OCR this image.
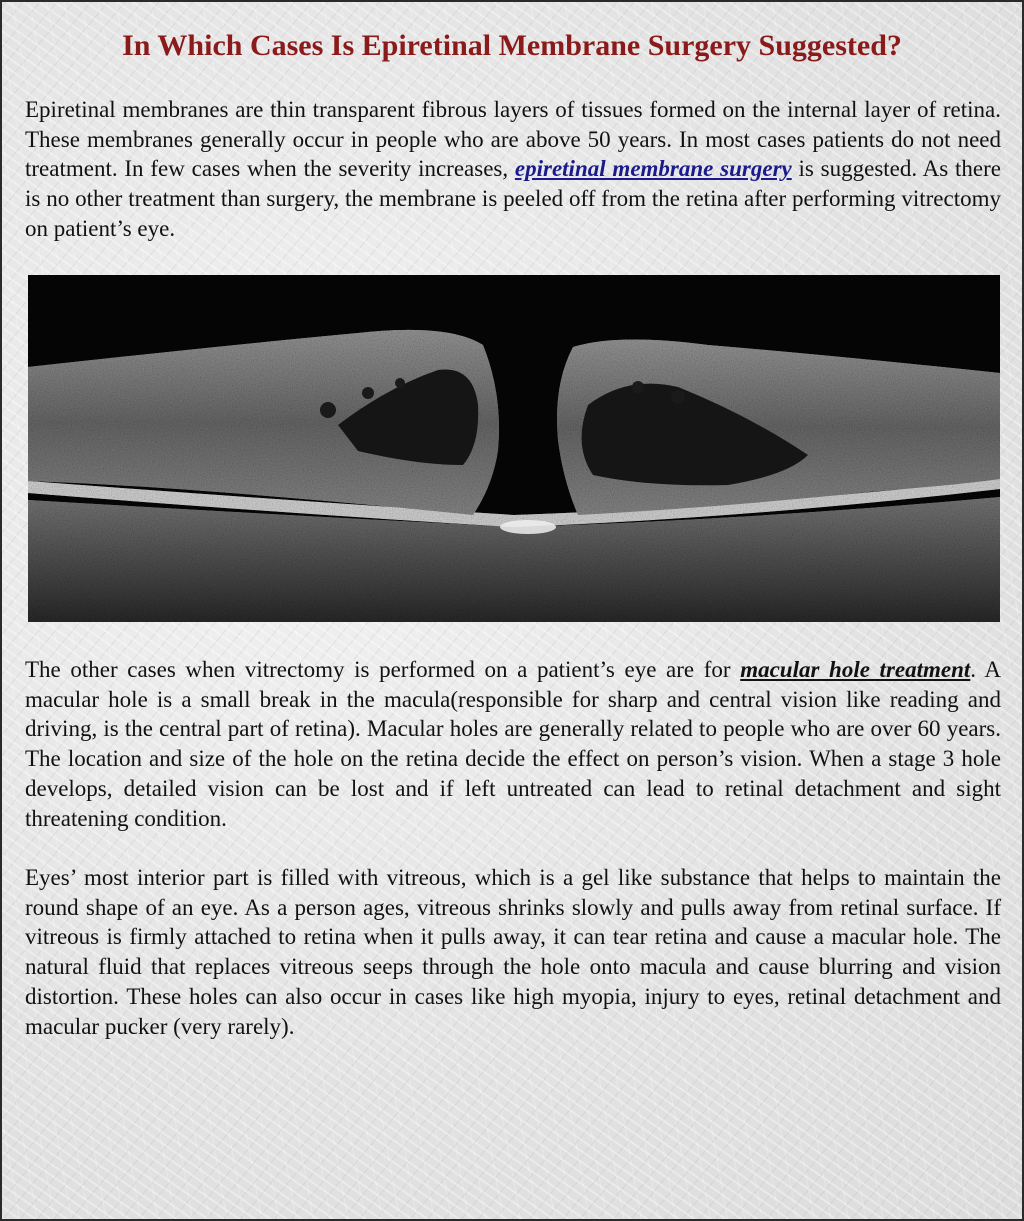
In Which Cases Is Epiretinal Membrane Surgery Suggested?

Epiretinal membranes are thin transparent fibrous layers of tissues formed on the internal layer of retina. These membranes generally occur in people who are above 50 years. In most cases patients do not need treatment. In few cases when the severity increases, epiretinal membrane surgery is suggested. As there is no other treatment than surgery, the membrane is peeled off from the retina after performing vitrectomy on patient’s eye.

The other cases when vitrectomy is performed on a patient’s eye are for macular hole treatment. A macular hole is a small break in the macula(responsible for sharp and central vision like reading and driving, is the central part of retina). Macular holes are generally related to people who are over 60 years. The location and size of the hole on the retina decide the effect on person’s vision. When a stage 3 hole develops, detailed vision can be lost and if left untreated can lead to retinal detachment and sight threatening condition.

Eyes’ most interior part is filled with vitreous, which is a gel like substance that helps to maintain the round shape of an eye. As a person ages, vitreous shrinks slowly and pulls away from retinal surface. If vitreous is firmly attached to retina when it pulls away, it can tear retina and cause a macular hole. The natural fluid that replaces vitreous seeps through the hole onto macula and cause blurring and vision distortion. These holes can also occur in cases like high myopia, injury to eyes, retinal detachment and macular pucker (very rarely).
